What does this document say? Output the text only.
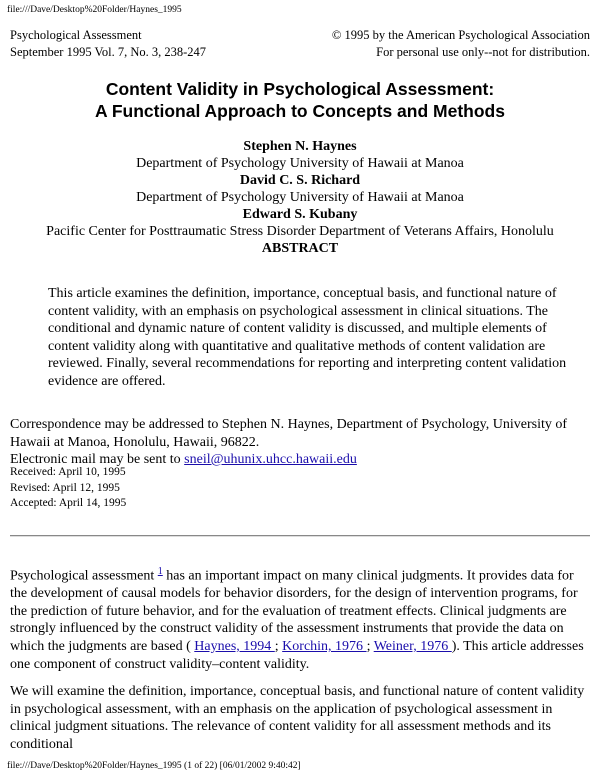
file:///Dave/Desktop%20Folder/Haynes_1995
Psychological Assessment
September 1995 Vol. 7, No. 3, 238-247
© 1995 by the American Psychological Association
For personal use only--not for distribution.
Content Validity in Psychological Assessment:
A Functional Approach to Concepts and Methods
Stephen N. Haynes
Department of Psychology University of Hawaii at Manoa
David C. S. Richard
Department of Psychology University of Hawaii at Manoa
Edward S. Kubany
Pacific Center for Posttraumatic Stress Disorder Department of Veterans Affairs, Honolulu
ABSTRACT
This article examines the definition, importance, conceptual basis, and functional nature of content validity, with an emphasis on psychological assessment in clinical situations. The conditional and dynamic nature of content validity is discussed, and multiple elements of content validity along with quantitative and qualitative methods of content validation are reviewed. Finally, several recommendations for reporting and interpreting content validation evidence are offered.
Correspondence may be addressed to Stephen N. Haynes, Department of Psychology, University of Hawaii at Manoa, Honolulu, Hawaii, 96822.
Electronic mail may be sent to sneil@uhunix.uhcc.hawaii.edu
Received: April 10, 1995
Revised: April 12, 1995
Accepted: April 14, 1995
Psychological assessment $^1$ has an important impact on many clinical judgments. It provides data for the development of causal models for behavior disorders, for the design of intervention programs, for the prediction of future behavior, and for the evaluation of treatment effects. Clinical judgments are strongly influenced by the construct validity of the assessment instruments that provide the data on which the judgments are based ( Haynes, 1994 ; Korchin, 1976 ; Weiner, 1976 ). This article addresses one component of construct validity–content validity.
We will examine the definition, importance, conceptual basis, and functional nature of content validity in psychological assessment, with an emphasis on the application of psychological assessment in clinical judgment situations. The relevance of content validity for all assessment methods and its conditional
file:///Dave/Desktop%20Folder/Haynes_1995 (1 of 22) [06/01/2002 9:40:42]
